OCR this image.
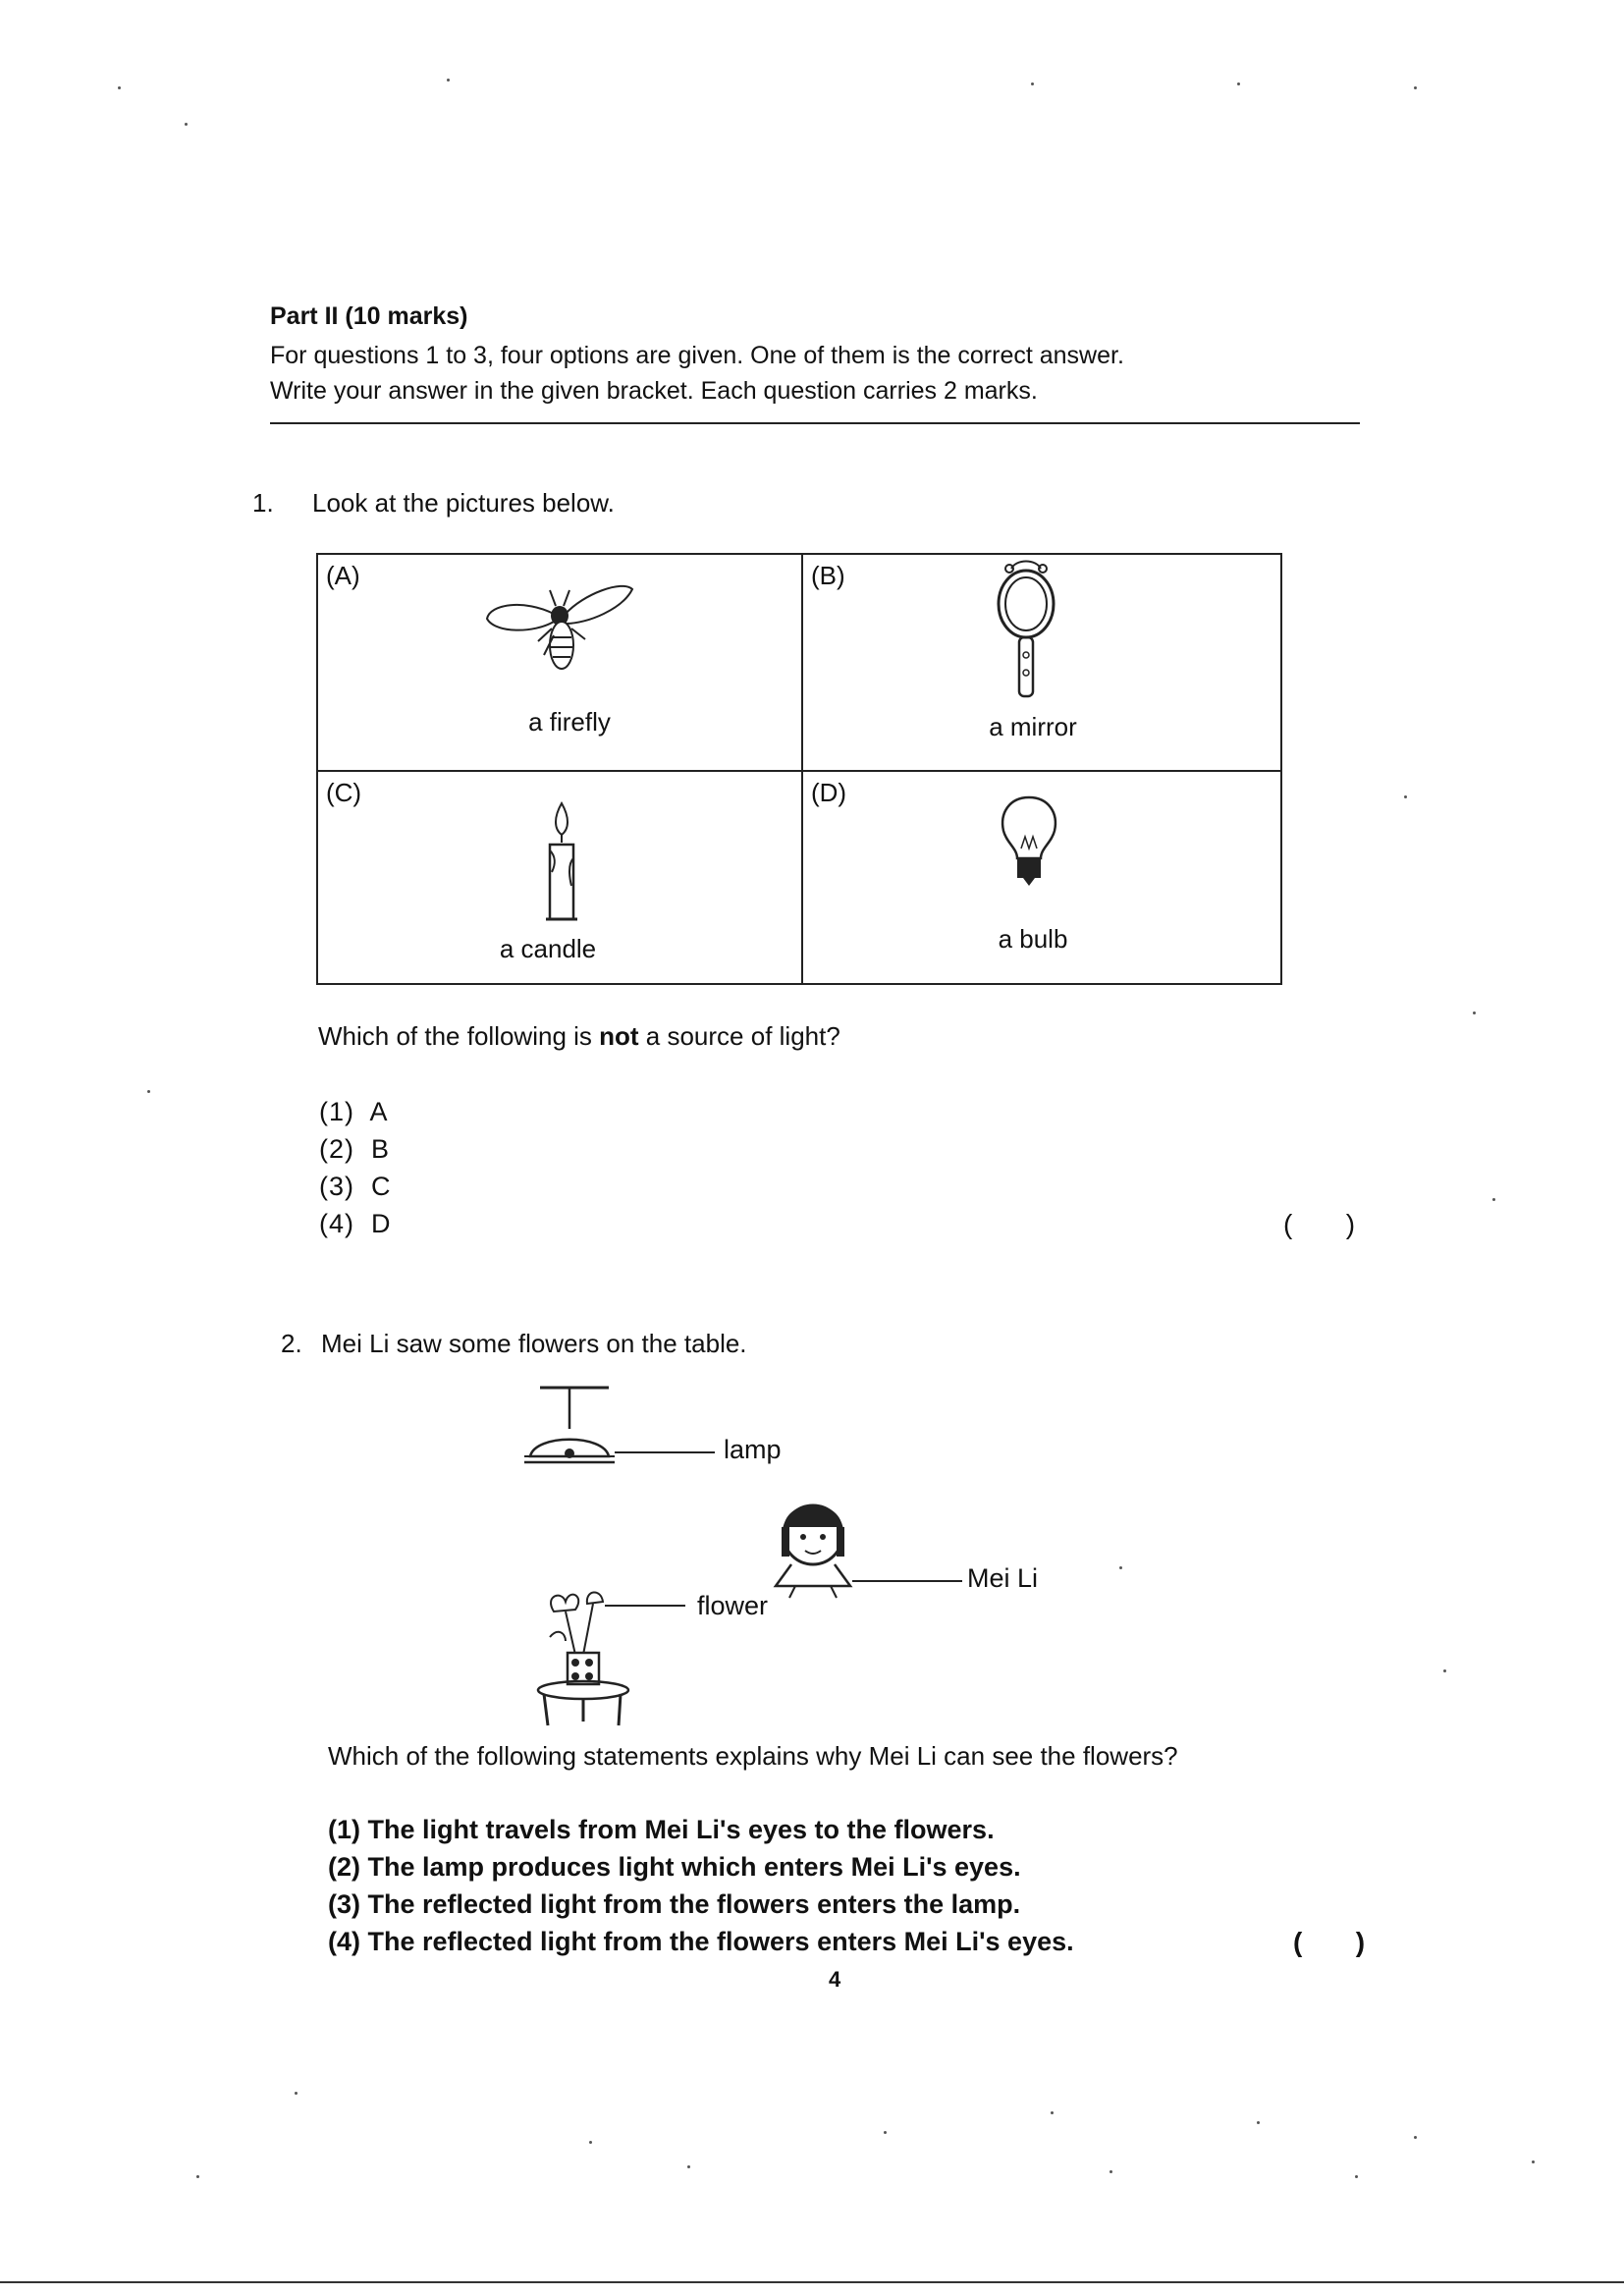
Part II (10 marks)
For questions 1 to 3, four options are given. One of them is the correct answer.
Write your answer in the given bracket. Each question carries 2 marks.
1. Look at the pictures below.
(A)
a firefly
(B)
a mirror
(C)
a candle
(D)
a bulb
Which of the following is not a source of light?
(1)  A
(2)  B
(3)  C
(4)  D	(       )
2. Mei Li saw some flowers on the table.
lamp
Mei Li
flower
Which of the following statements explains why Mei Li can see the flowers?
(1) The light travels from Mei Li's eyes to the flowers.
(2) The lamp produces light which enters Mei Li's eyes.
(3) The reflected light from the flowers enters the lamp.
(4) The reflected light from the flowers enters Mei Li's eyes.	(       )
4
